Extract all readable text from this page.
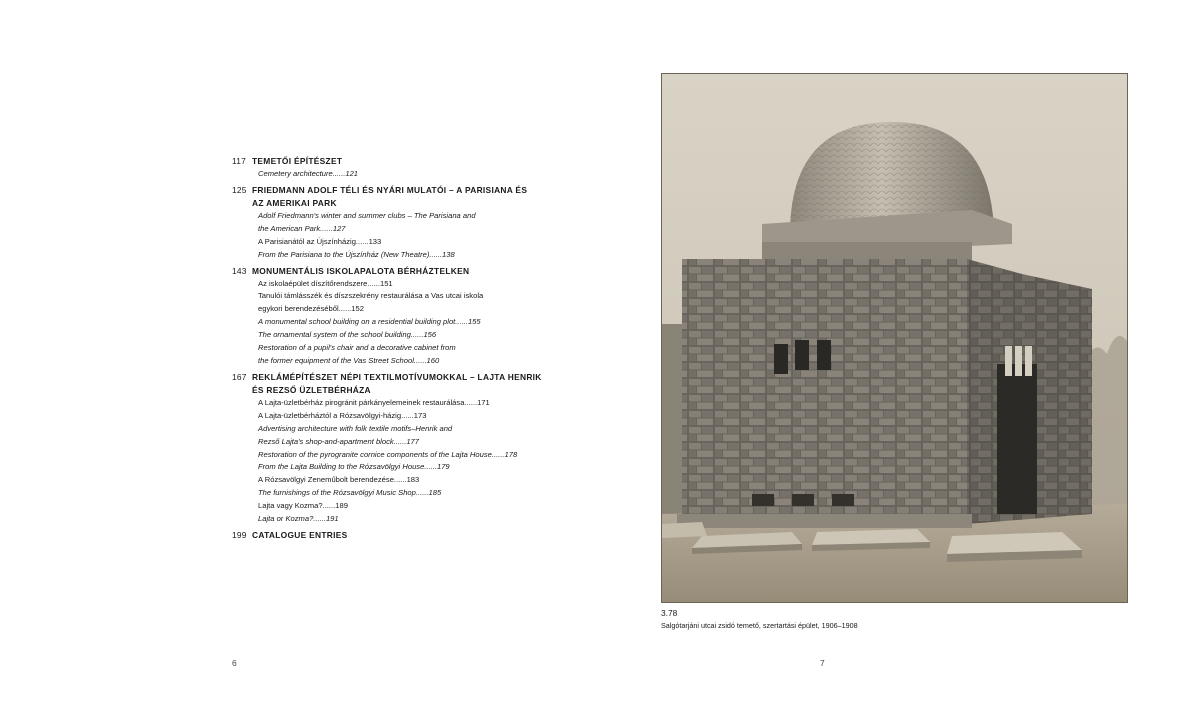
117 TEMETŐI ÉPÍTÉSZET
Cemetery architecture......121
125 FRIEDMANN ADOLF TÉLI ÉS NYÁRI MULATÓI – A PARISIANA ÉS
AZ AMERIKAI PARK
Adolf Friedmann's winter and summer clubs – The Parisiana and
the American Park......127
A Parisianától az Újszínházig......133
From the Parisiana to the Újszínház (New Theatre)......138
143 MONUMENTÁLIS ISKOLAPALOTA BÉRHÁZTELKEN
Az iskolaépület díszítőrendszere......151
Tanulói támlásszék és díszszekrény restaurálása a Vas utcai iskola
egykori berendezéséből......152
A monumental school building on a residential building plot......155
The ornamental system of the school building......156
Restoration of a pupil's chair and a decorative cabinet from
the former equipment of the Vas Street School......160
167 REKLÁMÉPÍTÉSZET NÉPI TEXTILMOTÍVUMOKKAL – LAJTA HENRIK
ÉS REZSŐ ÜZLETBÉRHÁZA
A Lajta-üzletbérház pirogránit párkányelemeinek restaurálása......171
A Lajta-üzletbérháztól a Rózsavölgyi-házig......173
Advertising architecture with folk textile motifs–Henrik and
Rezső Lajta's shop-and-apartment block......177
Restoration of the pyrogranite cornice components of the Lajta House......178
From the Lajta Building to the Rózsavölgyi House......179
A Rózsavölgyi Zeneműbolt berendezése......183
The furnishings of the Rózsavölgyi Music Shop......185
Lajta vagy Kozma?......189
Lajta or Kozma?......191
199 CATALOGUE ENTRIES
6
3.78
Salgótarjáni utcai zsidó temető, szertartási épület, 1906–1908
7
